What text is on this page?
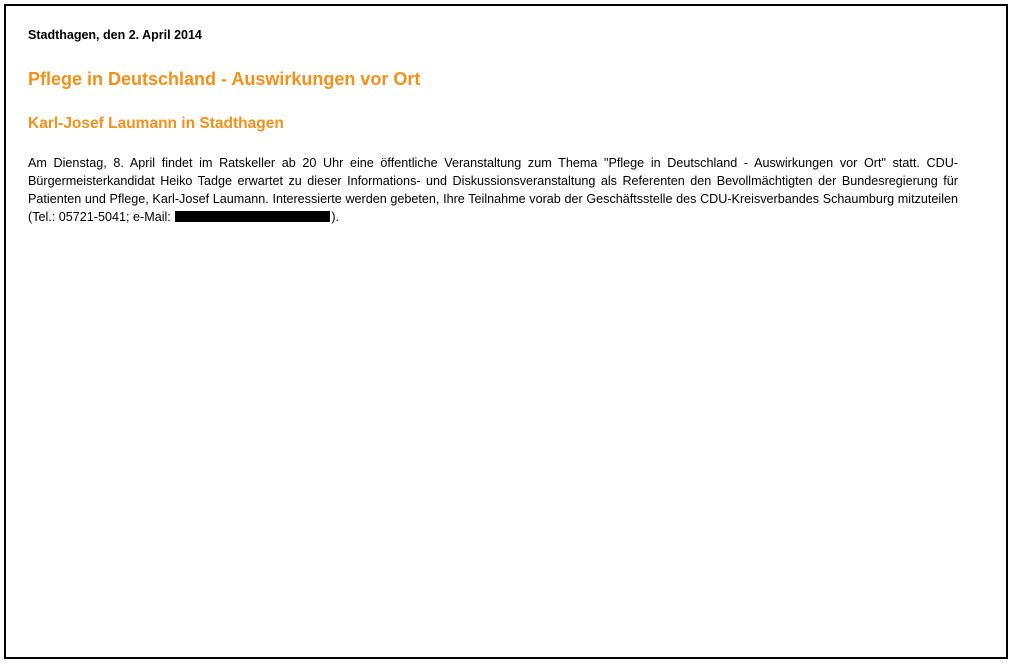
Stadthagen, den 2. April 2014

Pflege in Deutschland - Auswirkungen vor Ort
Karl-Josef Laumann in Stadthagen

Am Dienstag, 8. April findet im Ratskeller ab 20 Uhr eine öffentliche Veranstaltung zum Thema "Pflege in Deutschland - Auswirkungen vor Ort" statt. CDU-Bürgermeisterkandidat Heiko Tadge erwartet zu dieser Informations- und Diskussionsveranstaltung als Referenten den Bevollmächtigten der Bundesregierung für Patienten und Pflege, Karl-Josef Laumann. Interessierte werden gebeten, Ihre Teilnahme vorab der Geschäftsstelle des CDU-Kreisverbandes Schaumburg mitzuteilen (Tel.: 05721-5041; e-Mail:	).
